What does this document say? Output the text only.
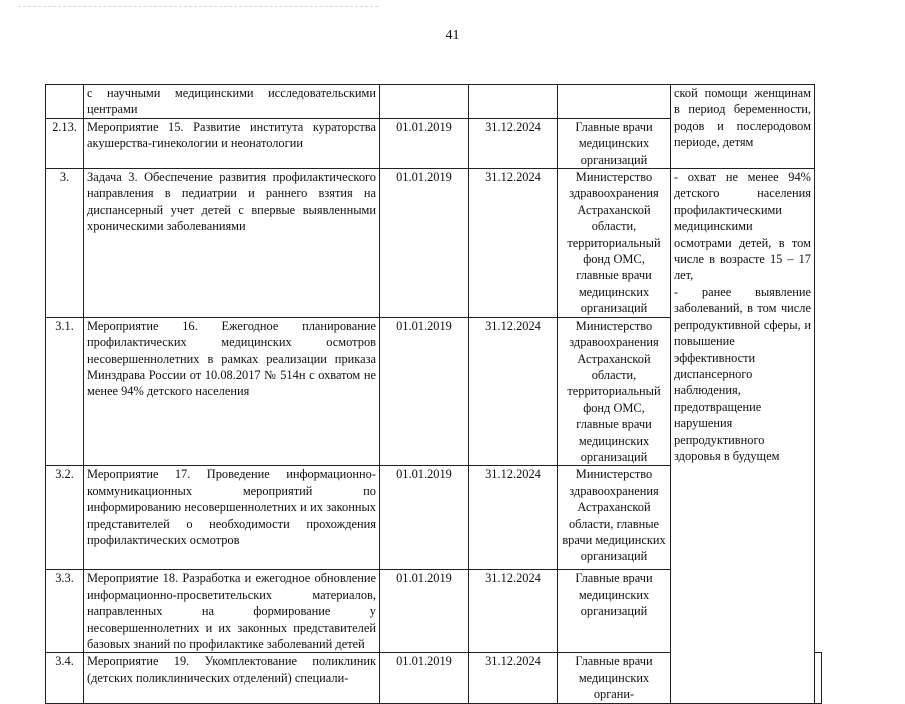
41
	с научными медицинскими исследовательскими центрами				ской помощи женщинам в период беременности, родов и послеродовом периоде, детям	
2.13.	Мероприятие 15. Развитие института кураторства акушерства-гинекологии и неонатологии	01.01.2019	31.12.2024	Главные врачи медицинских организаций		
3.	Задача 3. Обеспечение развития профилактического направления в педиатрии и раннего взятия на диспансерный учет детей с впервые выявленными хроническими заболеваниями	01.01.2019	31.12.2024	Министерство здравоохранения Астраханской области, территориальный фонд ОМС, главные врачи медицинских организаций	- охват не менее 94% детского населения профилактическими медицинскими осмотрами детей, в том числе в возрасте 15 – 17 лет,
- ранее выявление заболеваний, в том числе репродуктивной сферы, и повышение эффективности диспансерного наблюдения, предотвращение нарушения репродуктивного здоровья в будущем	

3.1.	Мероприятие 16. Ежегодное планирование профилактических медицинских осмотров несовершеннолетних в рамках реализации приказа Минздрава России от 10.08.2017 № 514н с охватом не менее 94% детского населения	01.01.2019	31.12.2024	Министерство здравоохранения Астраханской области, территориальный фонд ОМС, главные врачи медицинских организаций		
3.2.	Мероприятие 17. Проведение информационно-коммуникационных мероприятий по информированию несовершеннолетних и их законных представителей о необходимости прохождения профилактических осмотров	01.01.2019	31.12.2024	Министерство здравоохранения Астраханской области, главные врачи медицинских организаций		
3.3.	Мероприятие 18. Разработка и ежегодное обновление информационно-просветительских материалов, направленных на формирование у несовершеннолетних и их законных представителей базовых знаний по профилактике заболеваний детей	01.01.2019	31.12.2024	Главные врачи медицинских организаций		
3.4.	Мероприятие 19. Укомплектование поликлиник (детских поликлинических отделений) специали-	01.01.2019	31.12.2024	Главные врачи медицинских органи-		
